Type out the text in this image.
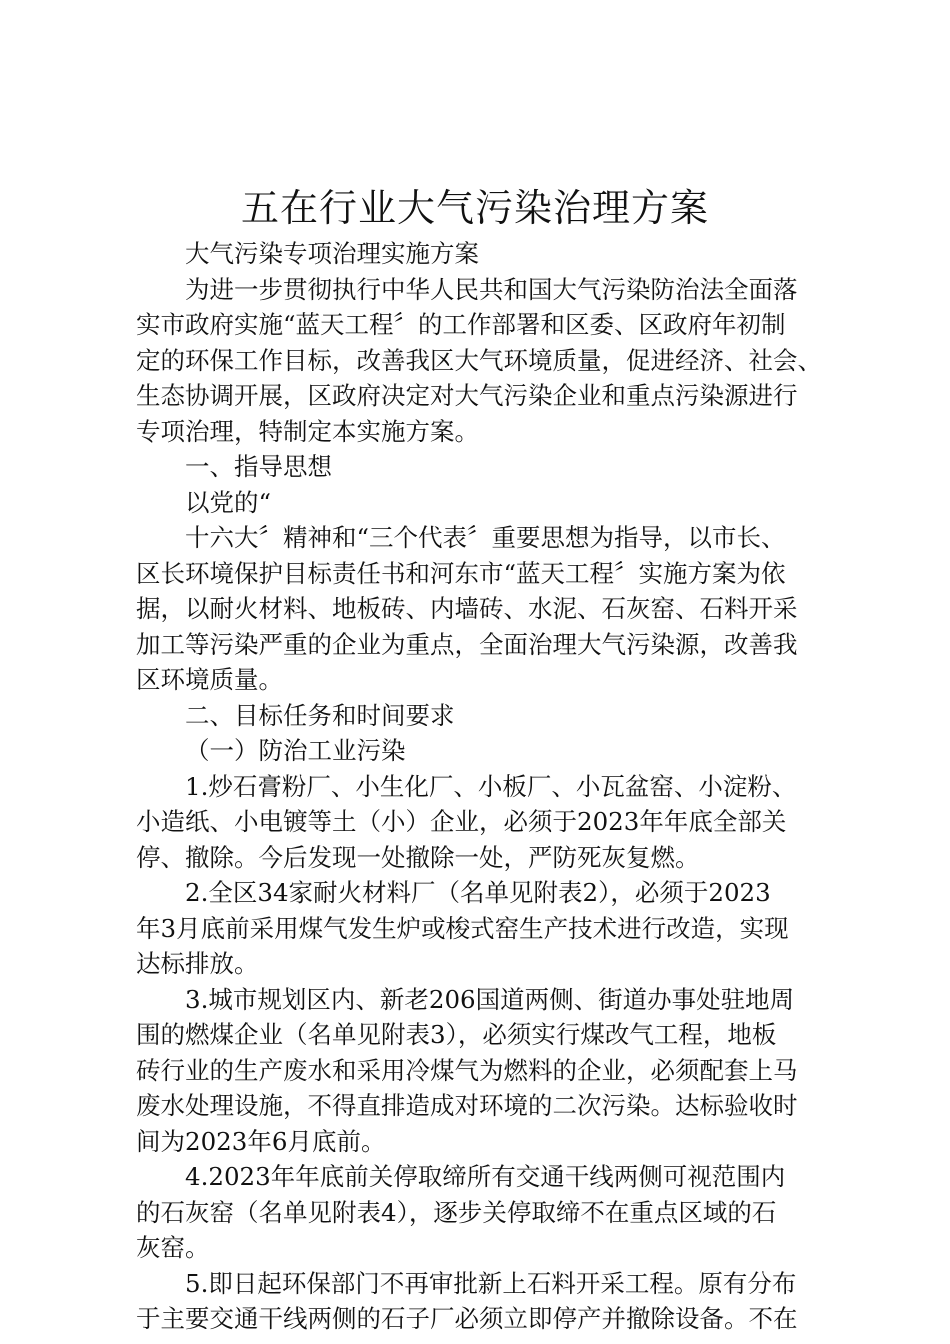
五在行业大气污染治理方案
大气污染专项治理实施方案
为进一步贯彻执行中华人民共和国大气污染防治法全面落
实市政府实施“蓝天工程〞的工作部署和区委、区政府年初制
定的环保工作目标，改善我区大气环境质量，促进经济、社会、
生态协调开展，区政府决定对大气污染企业和重点污染源进行
专项治理，特制定本实施方案。
一、指导思想
以党的“
十六大〞精神和“三个代表〞重要思想为指导，以市长、
区长环境保护目标责任书和河东市“蓝天工程〞实施方案为依
据，以耐火材料、地板砖、内墙砖、水泥、石灰窑、石料开采
加工等污染严重的企业为重点，全面治理大气污染源，改善我
区环境质量。
二、目标任务和时间要求
（一）防治工业污染
1.炒石膏粉厂、小生化厂、小板厂、小瓦盆窑、小淀粉、
小造纸、小电镀等土（小）企业，必须于2023年年底全部关
停、撤除。今后发现一处撤除一处，严防死灰复燃。
2.全区34家耐火材料厂（名单见附表2），必须于2023
年3月底前采用煤气发生炉或梭式窑生产技术进行改造，实现
达标排放。
3.城市规划区内、新老206国道两侧、街道办事处驻地周
围的燃煤企业（名单见附表3），必须实行煤改气工程，地板
砖行业的生产废水和采用冷煤气为燃料的企业，必须配套上马
废水处理设施，不得直排造成对环境的二次污染。达标验收时
间为2023年6月底前。
4.2023年年底前关停取缔所有交通干线两侧可视范围内
的石灰窑（名单见附表4），逐步关停取缔不在重点区域的石
灰窑。
5.即日起环保部门不再审批新上石料开采工程。原有分布
于主要交通干线两侧的石子厂必须立即停产并撤除设备。不在
